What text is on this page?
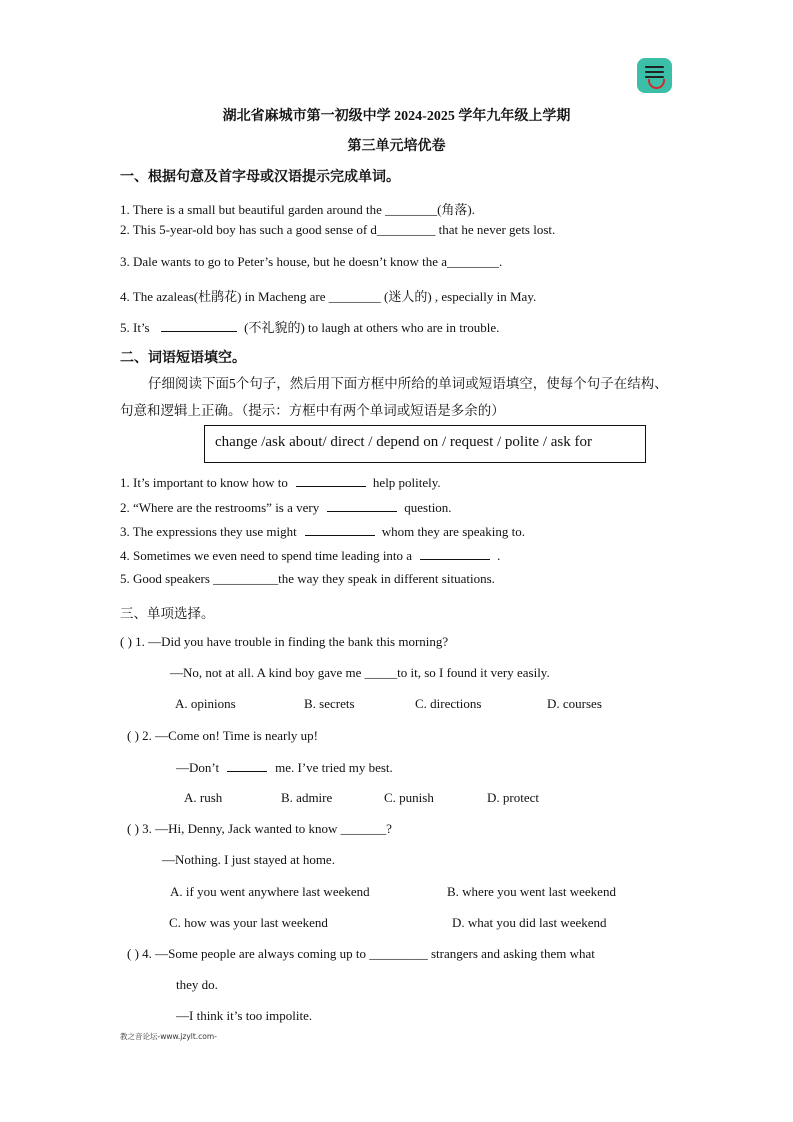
湖北省麻城市第一初级中学 2024-2025 学年九年级上学期
第三单元培优卷
一、根据句意及首字母或汉语提示完成单词。
1. There is a small but beautiful garden around the ________(角落).
2. This 5-year-old boy has such a good sense of d_________ that he never gets lost.
3. Dale wants to go to Peter’s house, but he doesn’t know the a________.
4. The azaleas(杜鹃花) in Macheng are ________ (迷人的) , especially in May.
5. It’s	(不礼貌的) to laugh at others who are in trouble.
二、词语短语填空。
仔细阅读下面5个句子，然后用下面方框中所给的单词或短语填空，使每个句子在结构、
句意和逻辑上正确。（提示：方框中有两个单词或短语是多余的）
change /ask about/ direct / depend on / request / polite / ask for
1. It’s important to know how to	help politely.
2. “Where are the restrooms” is a very	question.
3. The expressions they use might	whom they are speaking to.
4. Sometimes we even need to spend time leading into a	.
5. Good speakers __________the way they speak in different situations.
三、单项选择。
( ) 1. —Did you have trouble in finding the bank this morning?
—No, not at all. A kind boy gave me _____to it, so I found it very easily.
A. opinions	B. secrets	C. directions	D. courses
( ) 2. —Come on! Time is nearly up!
—Don’t	me. I’ve tried my best.
A. rush	B. admire	C. punish	D. protect
( ) 3. —Hi, Denny, Jack wanted to know _______?
—Nothing. I just stayed at home.
A. if you went anywhere last weekend	B. where you went last weekend
C. how was your last weekend	D. what you did last weekend
( ) 4. —Some people are always coming up to _________ strangers and asking them what
they do.
—I think it’s too impolite.
教之音论坛-www.jzylt.com-
